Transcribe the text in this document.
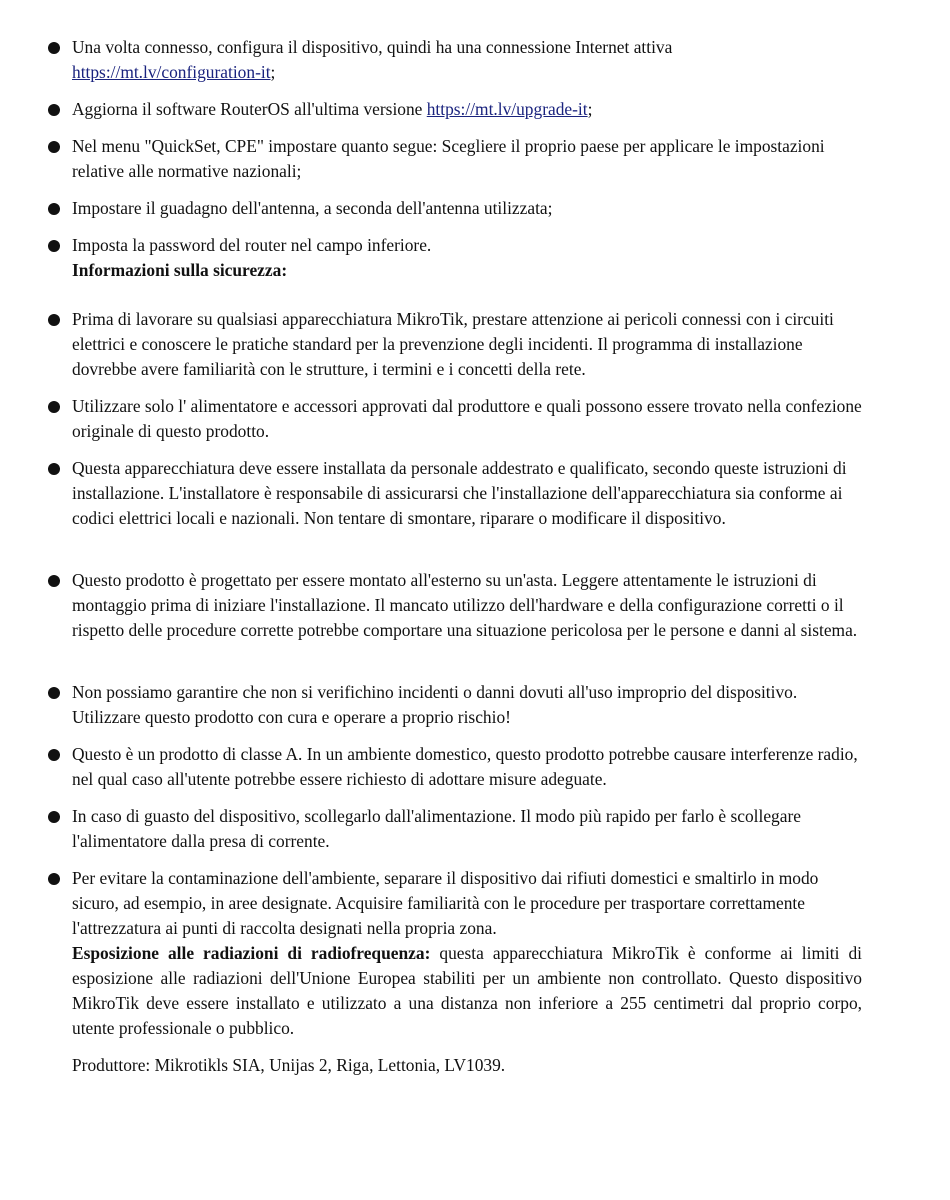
Una volta connesso, configura il dispositivo, quindi ha una connessione Internet attiva https://mt.lv/configuration-it;
Aggiorna il software RouterOS all'ultima versione https://mt.lv/upgrade-it;
Nel menu "QuickSet, CPE" impostare quanto segue: Scegliere il proprio paese per applicare le impostazioni relative alle normative nazionali;
Impostare il guadagno dell'antenna, a seconda dell'antenna utilizzata;
Imposta la password del router nel campo inferiore.
Informazioni sulla sicurezza:
Prima di lavorare su qualsiasi apparecchiatura MikroTik, prestare attenzione ai pericoli connessi con i circuiti elettrici e conoscere le pratiche standard per la prevenzione degli incidenti. Il programma di installazione dovrebbe avere familiarità con le strutture, i termini e i concetti della rete.
Utilizzare solo l' alimentatore e accessori approvati dal produttore e quali possono essere trovato nella confezione originale di questo prodotto.
Questa apparecchiatura deve essere installata da personale addestrato e qualificato, secondo queste istruzioni di installazione. L'installatore è responsabile di assicurarsi che l'installazione dell'apparecchiatura sia conforme ai codici elettrici locali e nazionali. Non tentare di smontare, riparare o modificare il dispositivo.
Questo prodotto è progettato per essere montato all'esterno su un'asta. Leggere attentamente le istruzioni di montaggio prima di iniziare l'installazione. Il mancato utilizzo dell'hardware e della configurazione corretti o il rispetto delle procedure corrette potrebbe comportare una situazione pericolosa per le persone e danni al sistema.
Non possiamo garantire che non si verifichino incidenti o danni dovuti all'uso improprio del dispositivo. Utilizzare questo prodotto con cura e operare a proprio rischio!
Questo è un prodotto di classe A. In un ambiente domestico, questo prodotto potrebbe causare interferenze radio, nel qual caso all'utente potrebbe essere richiesto di adottare misure adeguate.
In caso di guasto del dispositivo, scollegarlo dall'alimentazione. Il modo più rapido per farlo è scollegare l'alimentatore dalla presa di corrente.
Per evitare la contaminazione dell'ambiente, separare il dispositivo dai rifiuti domestici e smaltirlo in modo sicuro, ad esempio, in aree designate. Acquisire familiarità con le procedure per trasportare correttamente l'attrezzatura ai punti di raccolta designati nella propria zona.
Esposizione alle radiazioni di radiofrequenza: questa apparecchiatura MikroTik è conforme ai limiti di esposizione alle radiazioni dell'Unione Europea stabiliti per un ambiente non controllato. Questo dispositivo MikroTik deve essere installato e utilizzato a una distanza non inferiore a 255 centimetri dal proprio corpo, utente professionale o pubblico.
Produttore: Mikrotikls SIA, Unijas 2, Riga, Lettonia, LV1039.
